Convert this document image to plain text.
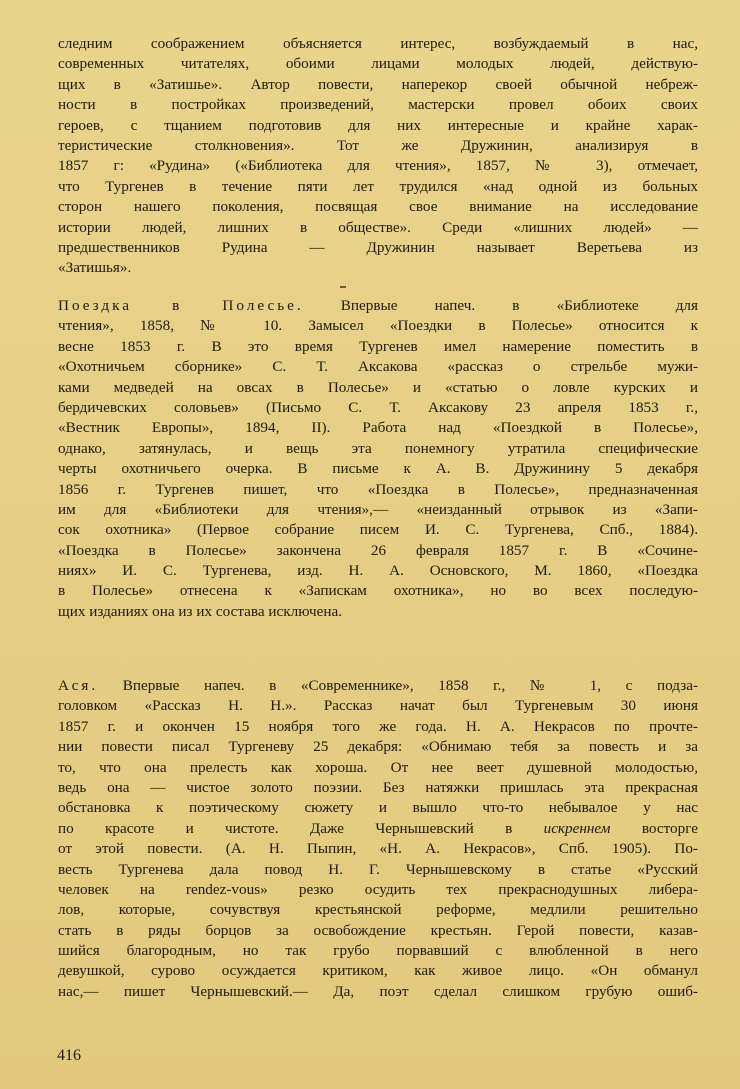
следним соображением объясняется интерес, возбуждаемый в нас,
современных читателях, обоими лицами молодых людей, действую-
щих в «Затишье». Автор повести, наперекор своей обычной небреж-
ности в постройках произведений, мастерски провел обоих своих
героев, с тщанием подготовив для них интересные и крайне харак-
теристические столкновения». Тот же Дружинин, анализируя в
1857 г: «Рудина» («Библиотека для чтения», 1857, № 3), отмечает,
что Тургенев в течение пяти лет трудился «над одной из больных
сторон нашего поколения, посвящая свое внимание на исследование
истории людей, лишних в обществе». Среди «лишних людей» —
предшественников Рудина — Дружинин называет Веретьева из
«Затишья».
Поездка в Полесье. Впервые напеч. в «Библиотеке для
чтения», 1858, № 10. Замысел «Поездки в Полесье» относится к
весне 1853 г. В это время Тургенев имел намерение поместить в
«Охотничьем сборнике» С. Т. Аксакова «рассказ о стрельбе мужи-
ками медведей на овсах в Полесье» и «статью о ловле курских и
бердичевских соловьев» (Письмо С. Т. Аксакову 23 апреля 1853 г.,
«Вестник Европы», 1894, II). Работа над «Поездкой в Полесье»,
однако, затянулась, и вещь эта понемногу утратила специфические
черты охотничьего очерка. В письме к А. В. Дружинину 5 декабря
1856 г. Тургенев пишет, что «Поездка в Полесье», предназначенная
им для «Библиотеки для чтения»,— «неизданный отрывок из «Запи-
сок охотника» (Первое собрание писем И. С. Тургенева, Спб., 1884).
«Поездка в Полесье» закончена 26 февраля 1857 г. В «Сочине-
ниях» И. С. Тургенева, изд. Н. А. Основского, М. 1860, «Поездка
в Полесье» отнесена к «Запискам охотника», но во всех последую-
щих изданиях она из их состава исключена.
Ася. Впервые напеч. в «Современнике», 1858 г., № 1, с подза-
головком «Рассказ Н. Н.». Рассказ начат был Тургеневым 30 июня
1857 г. и окончен 15 ноября того же года. Н. А. Некрасов по прочте-
нии повести писал Тургеневу 25 декабря: «Обнимаю тебя за повесть и за
то, что она прелесть как хороша. От нее веет душевной молодостью,
ведь она — чистое золото поэзии. Без натяжки пришлась эта прекрасная
обстановка к поэтическому сюжету и вышло что-то небывалое у нас
по красоте и чистоте. Даже Чернышевский в искреннем восторге
от этой повести. (А. Н. Пыпин, «Н. А. Некрасов», Спб. 1905). По-
весть Тургенева дала повод Н. Г. Чернышевскому в статье «Русский
человек на rendez-vous» резко осудить тех прекраснодушных либера-
лов, которые, сочувствуя крестьянской реформе, медлили решительно
стать в ряды борцов за освобождение крестьян. Герой повести, казав-
шийся благородным, но так грубо порвавший с влюбленной в него
девушкой, сурово осуждается критиком, как живое лицо. «Он обманул
нас,— пишет Чернышевский.— Да, поэт сделал слишком грубую ошиб-
416
